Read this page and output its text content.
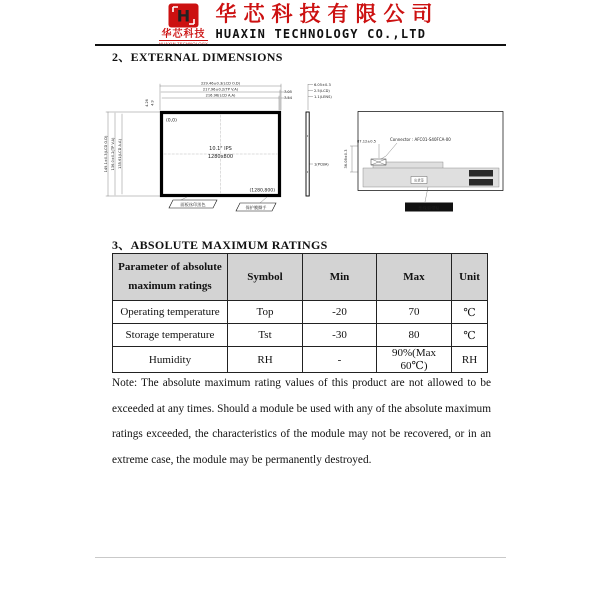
H
华芯科技
HUAXIN TECHNOLOGY
华芯科技有限公司
HUAXIN TECHNOLOGY CO.,LTD
2、EXTERNAL DIMENSIONS
229.46±0.3(LCD O.D)
217.96±0.2(TP V.A)
216.96(LCD A.A)
7.05
7.54
4.26 4.9
149.1±0.3(LCD O.D) 136.0±0.2(TP V.A) 135.61(LCD A.A)
(0,0)
10.1" IPS
1280x800
(1280,800)
面板丝印黑色
保护膜撕手
6.05±0.3
2.5(LCD)
1.1(LENS)
1(PCBA)
出货签
87.12±0.5
36.08±0.3
Connector : AFC01-S40FCA-00
绝缘胶带贴
3、ABSOLUTE MAXIMUM RATINGS
Parameter of absolute maximum ratings	Symbol	Min	Max	Unit
Operating temperature	Top	-20	70	℃
Storage temperature	Tst	-30	80	℃
Humidity	RH	-	90%(Max 60℃)	RH
Note: The absolute maximum rating values of this product are not allowed to be exceeded at any times. Should a module be used with any of the absolute maximum ratings exceeded, the characteristics of the module may not be recovered, or in an extreme case, the module may be permanently destroyed.
